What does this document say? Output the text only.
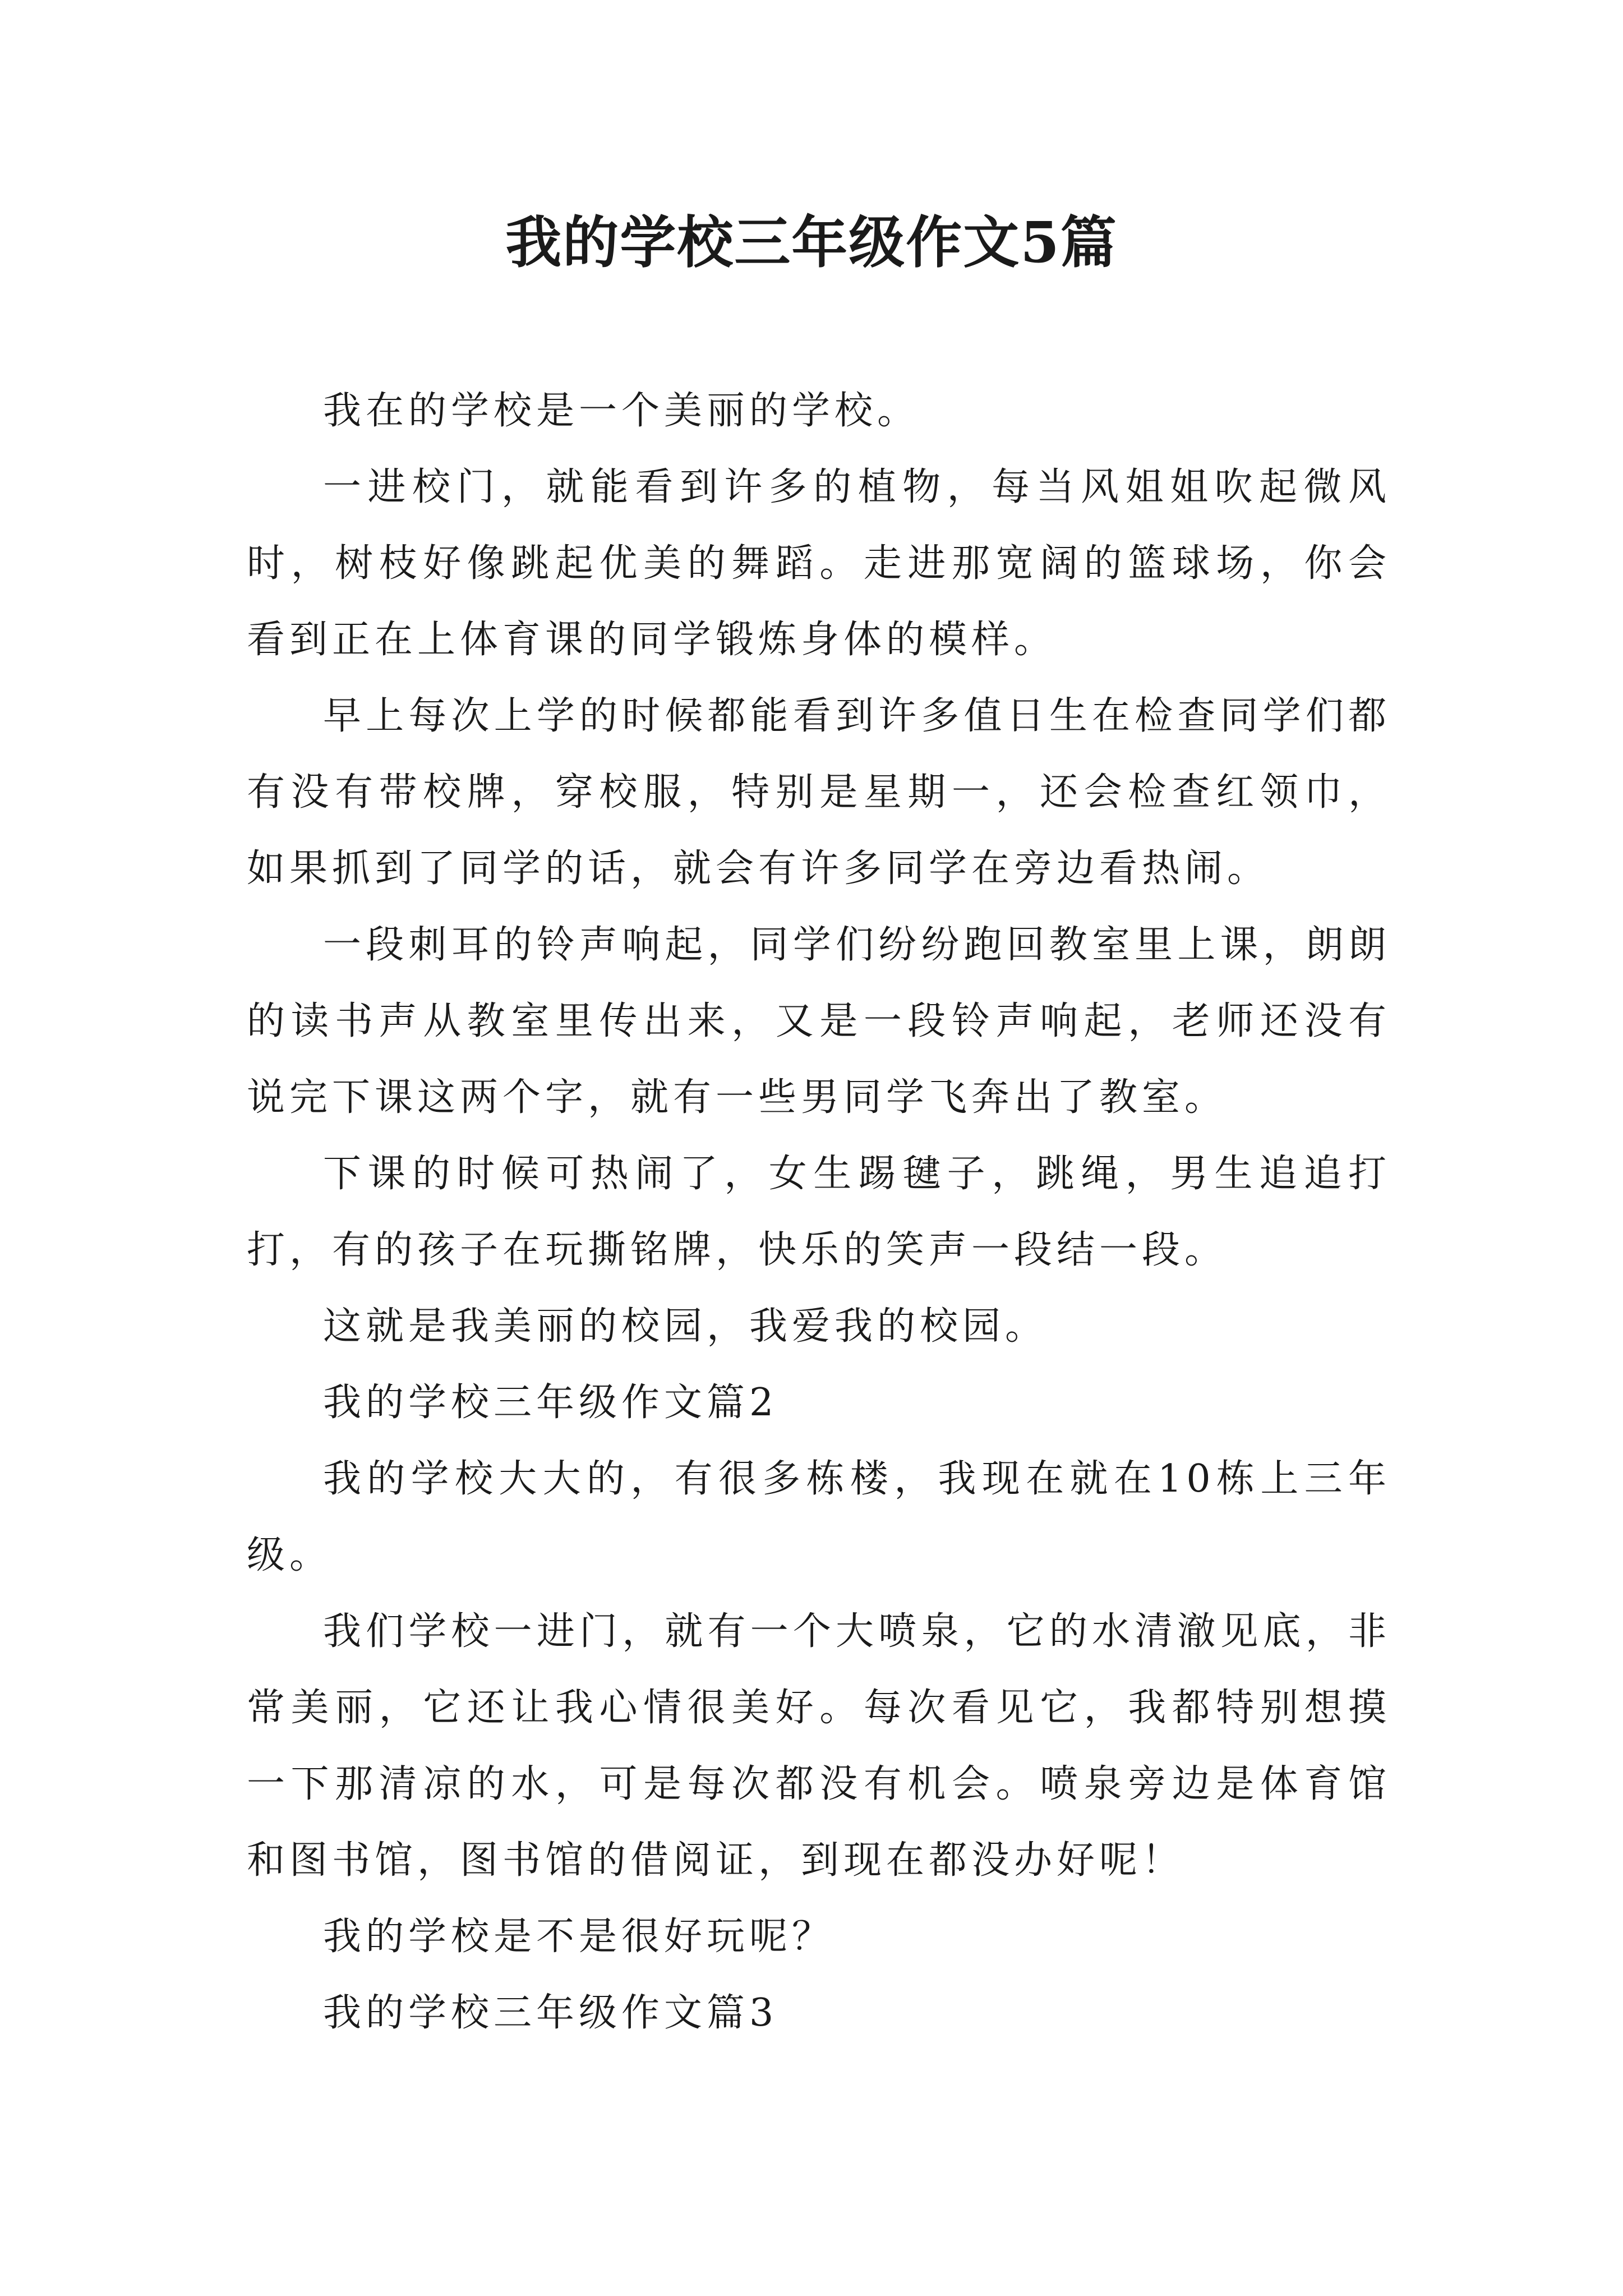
我的学校三年级作文5篇

我在的学校是一个美丽的学校。

一进校门，就能看到许多的植物，每当风姐姐吹起微风时，树枝好像跳起优美的舞蹈。走进那宽阔的篮球场，你会看到正在上体育课的同学锻炼身体的模样。

早上每次上学的时候都能看到许多值日生在检查同学们都有没有带校牌，穿校服，特别是星期一，还会检查红领巾，如果抓到了同学的话，就会有许多同学在旁边看热闹。

一段刺耳的铃声响起，同学们纷纷跑回教室里上课，朗朗的读书声从教室里传出来，又是一段铃声响起，老师还没有说完下课这两个字，就有一些男同学飞奔出了教室。

下课的时候可热闹了，女生踢毽子，跳绳，男生追追打打，有的孩子在玩撕铭牌，快乐的笑声一段结一段。

这就是我美丽的校园，我爱我的校园。

我的学校三年级作文篇2

我的学校大大的，有很多栋楼，我现在就在10栋上三年级。

我们学校一进门，就有一个大喷泉，它的水清澈见底，非常美丽，它还让我心情很美好。每次看见它，我都特别想摸一下那清凉的水，可是每次都没有机会。喷泉旁边是体育馆和图书馆，图书馆的借阅证，到现在都没办好呢！

我的学校是不是很好玩呢？

我的学校三年级作文篇3
